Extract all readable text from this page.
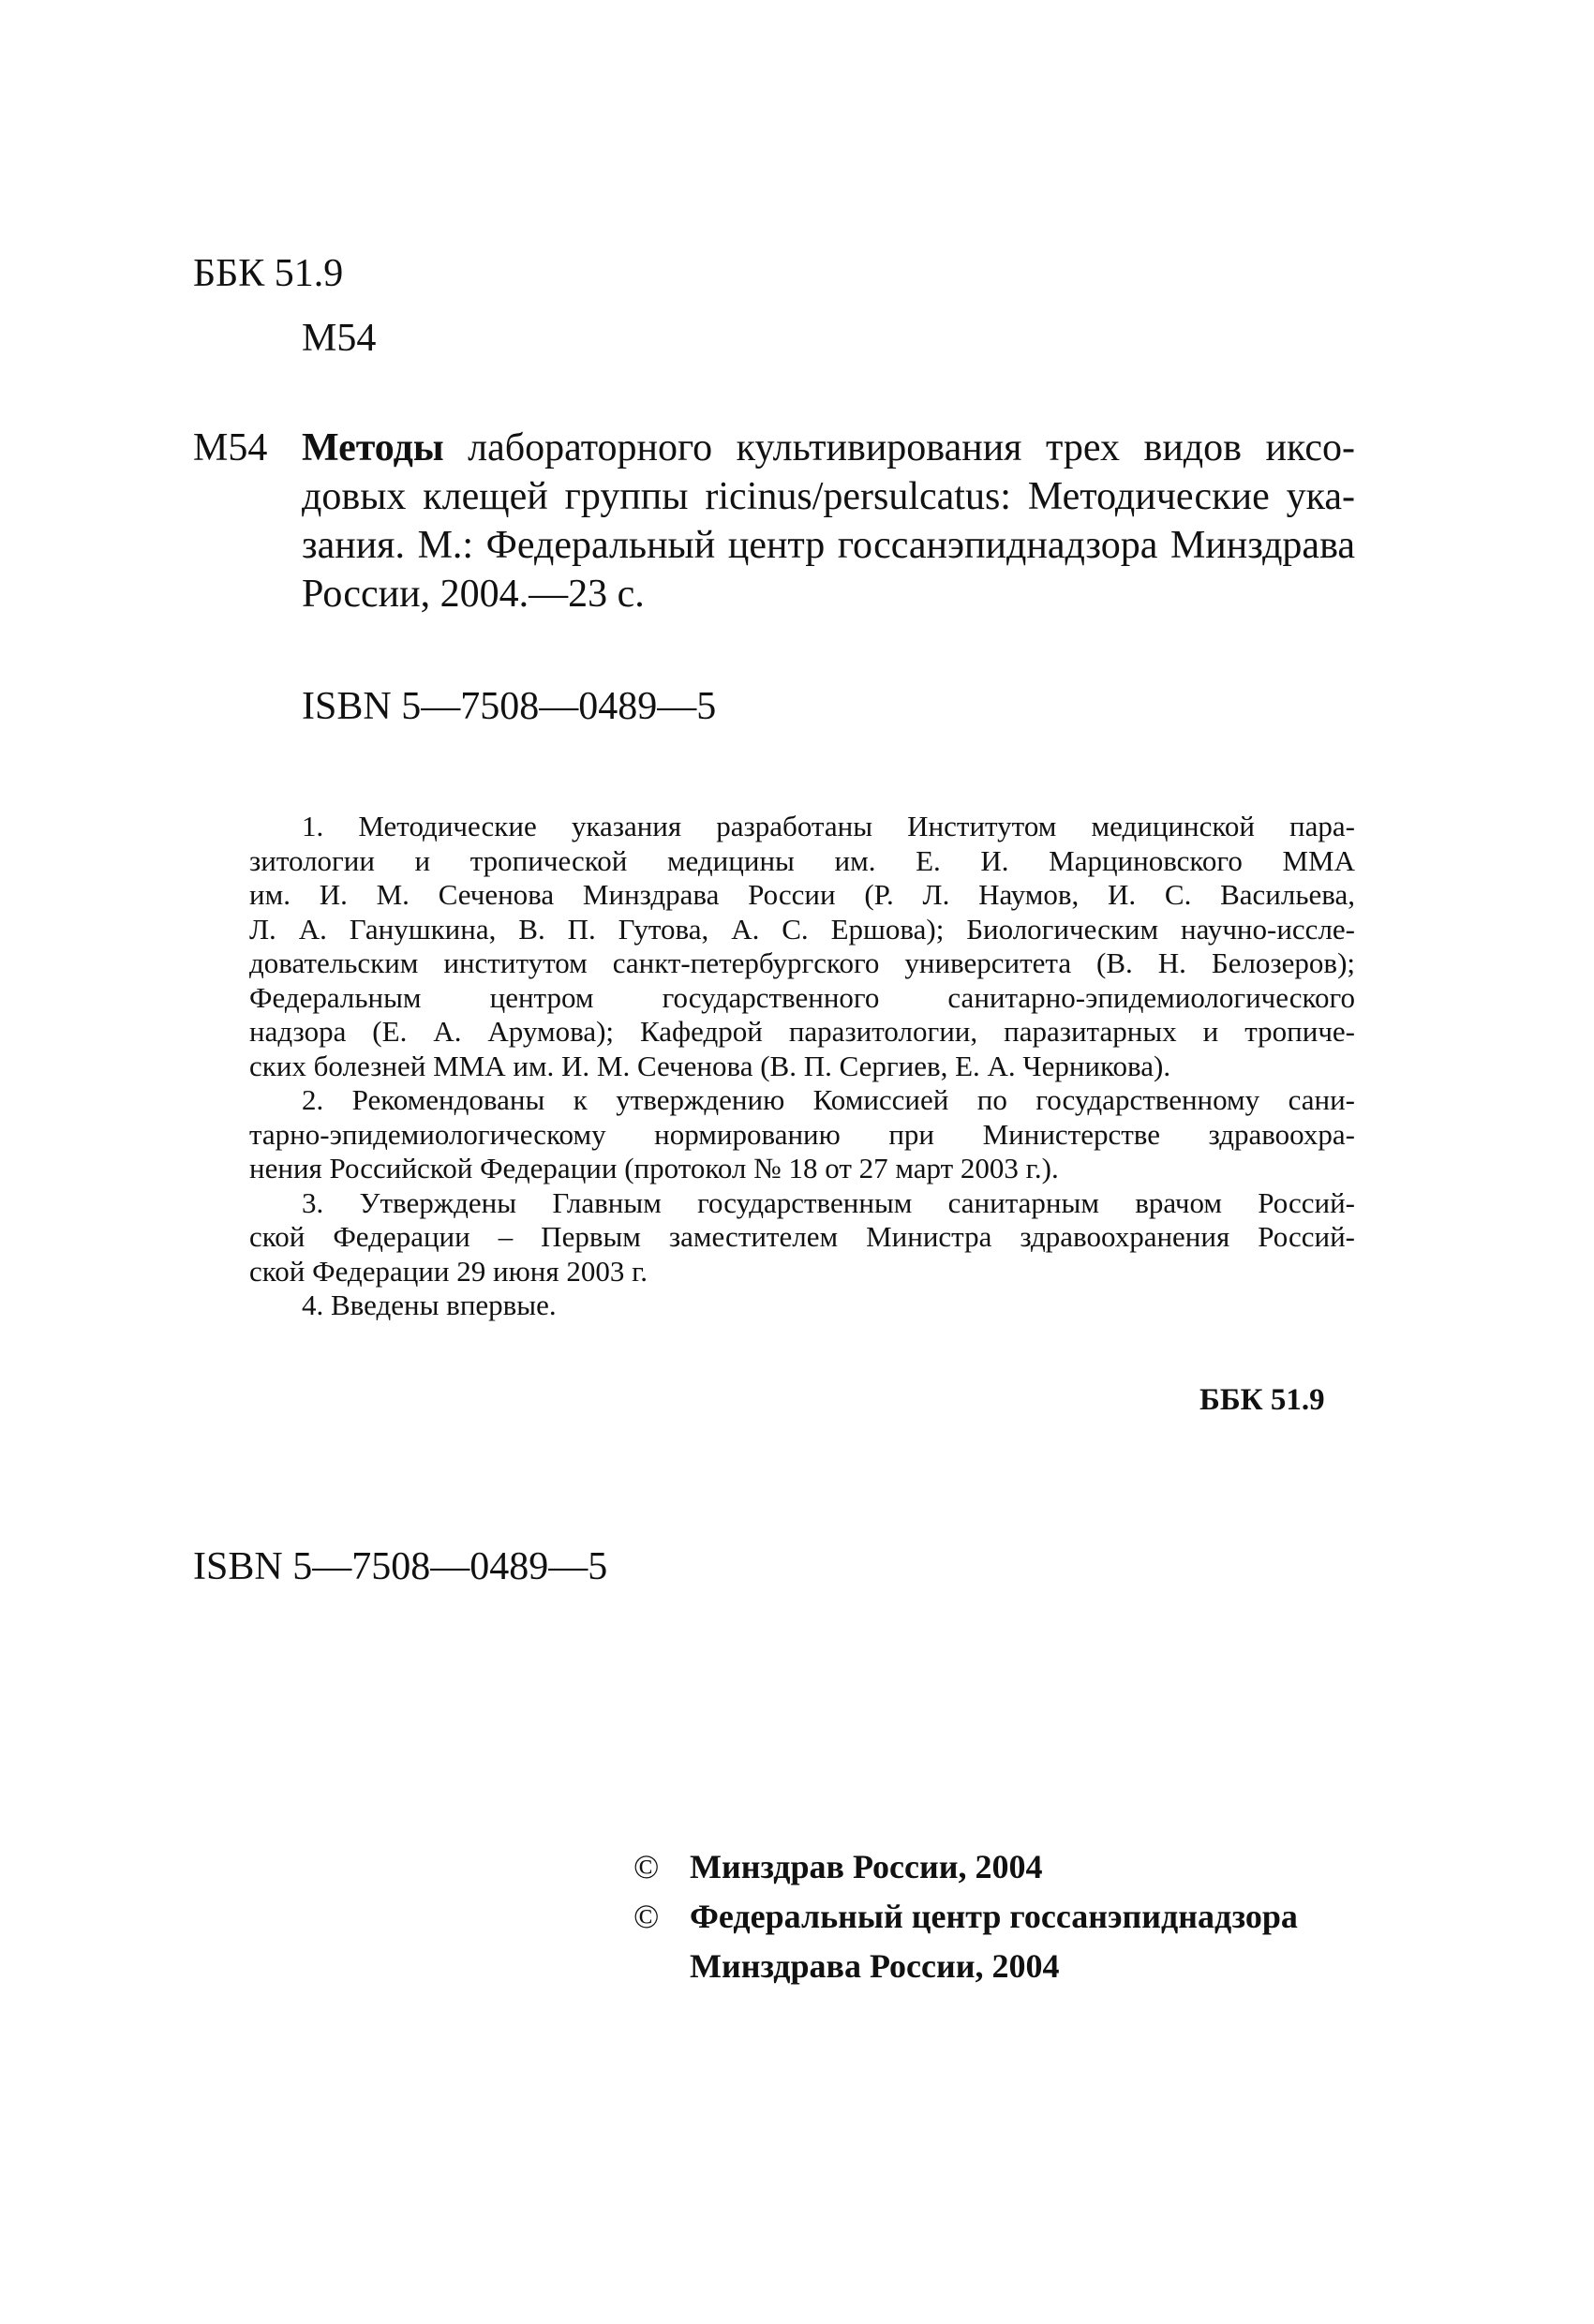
ББК 51.9
М54
М54 Методы лабораторного культивирования трех видов иксо-
довых клещей группы ricinus/persulcatus: Методические ука-
зания. М.: Федеральный центр госсанэпиднадзора Минздрава
России, 2004.—23 с.
ISBN 5—7508—0489—5
1. Методические указания разработаны Институтом медицинской пара-
зитологии и тропической медицины им. Е. И. Марциновского ММА
им. И. М. Сеченова Минздрава России (Р. Л. Наумов, И. С. Васильева,
Л. А. Ганушкина, В. П. Гутова, А. С. Ершова); Биологическим научно-иссле-
довательским институтом санкт-петербургского университета (В. Н. Белозеров);
Федеральным центром государственного санитарно-эпидемиологического
надзора (Е. А. Арумова); Кафедрой паразитологии, паразитарных и тропиче-
ских болезней ММА им. И. М. Сеченова (В. П. Сергиев, Е. А. Черникова).
2. Рекомендованы к утверждению Комиссией по государственному сани-
тарно-эпидемиологическому нормированию при Министерстве здравоохра-
нения Российской Федерации (протокол № 18 от 27 март 2003 г.).
3. Утверждены Главным государственным санитарным врачом Россий-
ской Федерации – Первым заместителем Министра здравоохранения Россий-
ской Федерации 29 июня 2003 г.
4. Введены впервые.
ББК 51.9
ISBN 5—7508—0489—5
© Минздрав России, 2004
© Федеральный центр госсанэпиднадзора
Минздрава России, 2004
